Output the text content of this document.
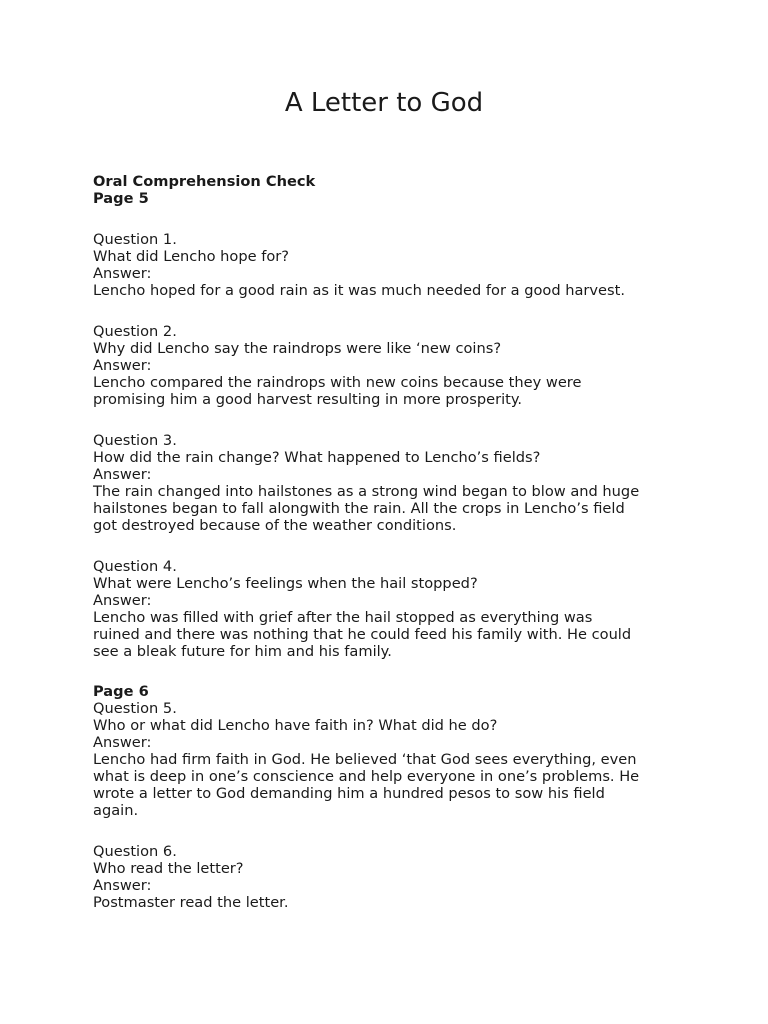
A Letter to God

Oral Comprehension Check

Page 5

Question 1.

What did Lencho hope for?

Answer:

Lencho hoped for a good rain as it was much needed for a good harvest.

Question 2.

Why did Lencho say the raindrops were like ‘new coins?

Answer:

Lencho compared the raindrops with new coins because they were

promising him a good harvest resulting in more prosperity.

Question 3.

How did the rain change? What happened to Lencho’s fields?

Answer:

The rain changed into hailstones as a strong wind began to blow and huge

hailstones began to fall alongwith the rain. All the crops in Lencho’s field

got destroyed because of the weather conditions.

Question 4.

What were Lencho’s feelings when the hail stopped?

Answer:

Lencho was filled with grief after the hail stopped as everything was

ruined and there was nothing that he could feed his family with. He could

see a bleak future for him and his family.

Page 6

Question 5.

Who or what did Lencho have faith in? What did he do?

Answer:

Lencho had firm faith in God. He believed ‘that God sees everything, even

what is deep in one’s conscience and help everyone in one’s problems. He

wrote a letter to God demanding him a hundred pesos to sow his field

again.

Question 6.

Who read the letter?

Answer:

Postmaster read the letter.
